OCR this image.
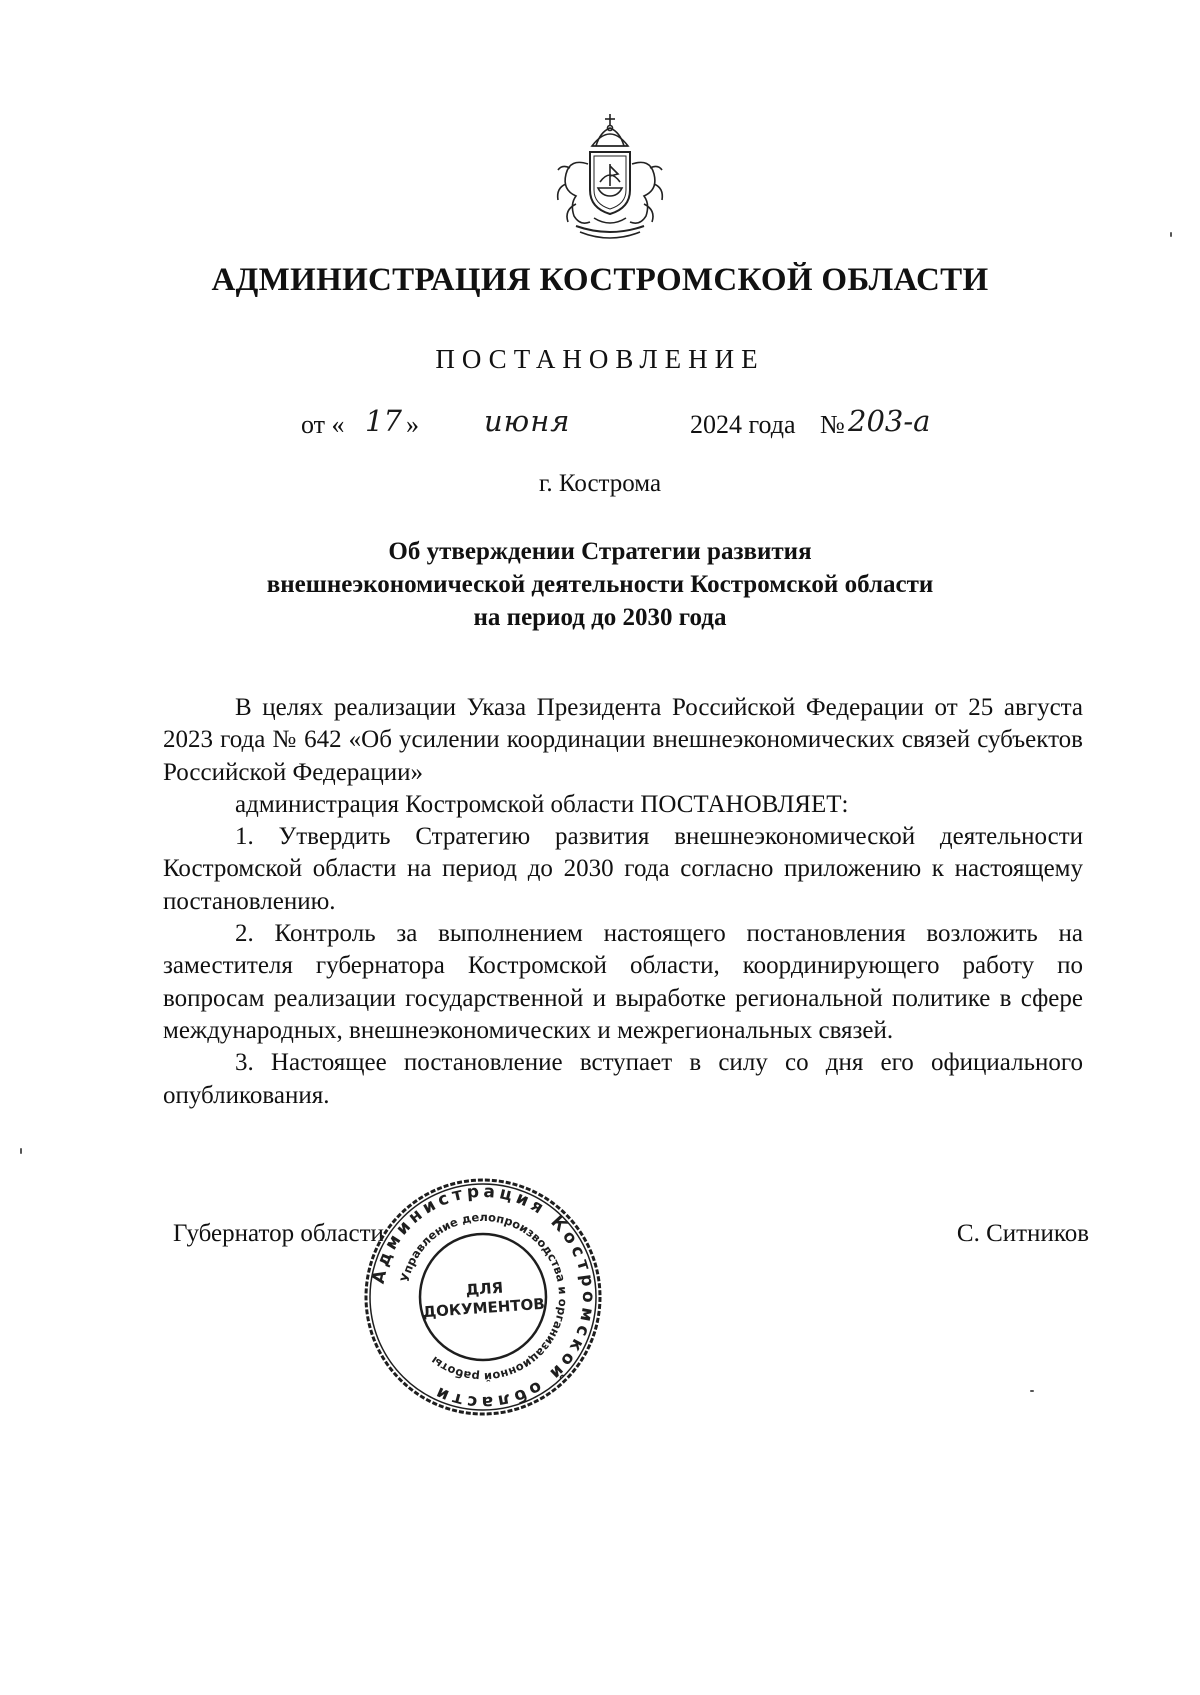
АДМИНИСТРАЦИЯ КОСТРОМСКОЙ ОБЛАСТИ
ПОСТАНОВЛЕНИЕ
от « 17 » июня	2024 года № 203-а
г. Кострома
Об утверждении Стратегии развития
внешнеэкономической деятельности Костромской области
на период до 2030 года

В целях реализации Указа Президента Российской Федерации от 25 августа 2023 года № 642 «Об усилении координации внешнеэкономических связей субъектов Российской Федерации»

администрация Костромской области ПОСТАНОВЛЯЕТ:

1. Утвердить Стратегию развития внешнеэкономической деятельности Костромской области на период до 2030 года согласно приложению к настоящему постановлению.

2. Контроль за выполнением настоящего постановления возложить на заместителя губернатора Костромской области, координирующего работу по вопросам реализации государственной и выработке региональной политике в сфере международных, внешнеэкономических и межрегиональных связей.

3. Настоящее постановление вступает в силу со дня его официального опубликования.

Губернатор области	С. Ситников
Администрация Костромской области
Управление делопроизводства и организационной работы
ДЛЯ
ДОКУМЕНТОВ
